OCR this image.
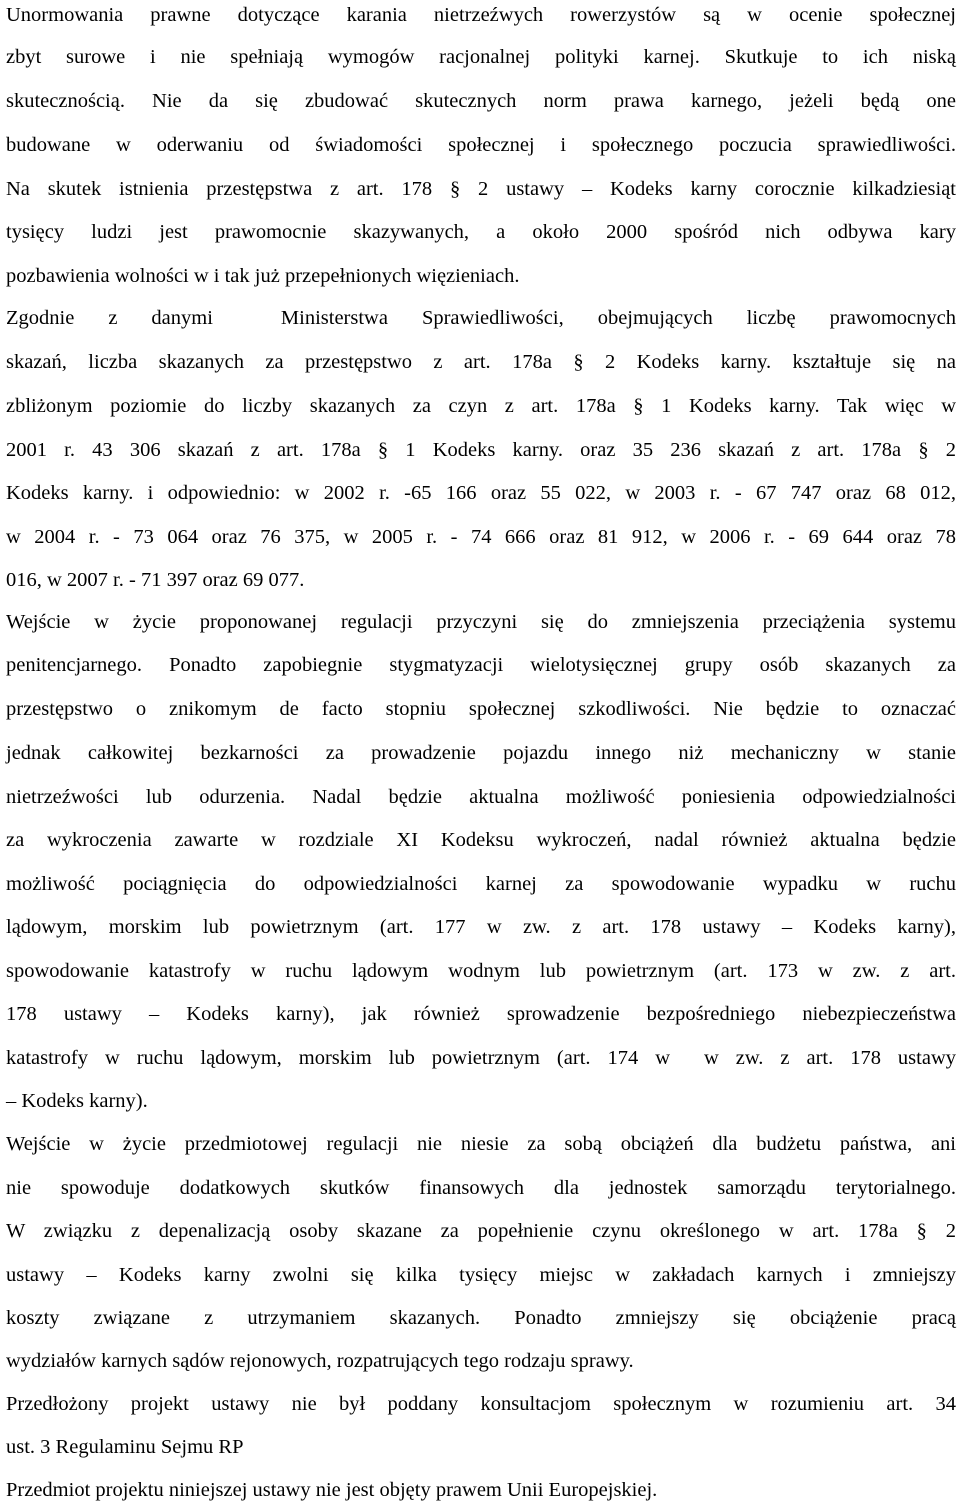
Unormowania prawne dotyczące karania nietrzeźwych rowerzystów są w ocenie społecznej
zbyt surowe i nie spełniają wymogów racjonalnej polityki karnej. Skutkuje to ich niską
skutecznością. Nie da się zbudować skutecznych norm prawa karnego, jeżeli będą one
budowane w oderwaniu od świadomości społecznej i społecznego poczucia sprawiedliwości.
Na skutek istnienia przestępstwa z art. 178 § 2 ustawy – Kodeks karny corocznie kilkadziesiąt
tysięcy ludzi jest prawomocnie skazywanych, a około 2000 spośród nich odbywa kary
pozbawienia wolności w i tak już przepełnionych więzieniach.
Zgodnie z danymi  Ministerstwa Sprawiedliwości, obejmujących liczbę prawomocnych
skazań, liczba skazanych za przestępstwo z art. 178a § 2 Kodeks karny. kształtuje się na
zbliżonym poziomie do liczby skazanych za czyn z art. 178a § 1 Kodeks karny. Tak więc w
2001 r. 43 306 skazań z art. 178a § 1 Kodeks karny. oraz 35 236 skazań z art. 178a § 2
Kodeks karny. i odpowiednio: w 2002 r. -65 166 oraz 55 022, w 2003 r. - 67 747 oraz 68 012,
w 2004 r. - 73 064 oraz 76 375, w 2005 r. - 74 666 oraz 81 912, w 2006 r. - 69 644 oraz 78
016, w 2007 r. - 71 397 oraz 69 077.
Wejście w życie proponowanej regulacji przyczyni się do zmniejszenia przeciążenia systemu
penitencjarnego. Ponadto zapobiegnie stygmatyzacji wielotysięcznej grupy osób skazanych za
przestępstwo o znikomym de facto stopniu społecznej szkodliwości. Nie będzie to oznaczać
jednak całkowitej bezkarności za prowadzenie pojazdu innego niż mechaniczny w stanie
nietrzeźwości lub odurzenia. Nadal będzie aktualna możliwość poniesienia odpowiedzialności
za wykroczenia zawarte w rozdziale XI Kodeksu wykroczeń, nadal również aktualna będzie
możliwość pociągnięcia do odpowiedzialności karnej za spowodowanie wypadku w ruchu
lądowym, morskim lub powietrznym (art. 177 w zw. z art. 178 ustawy – Kodeks karny),
spowodowanie katastrofy w ruchu lądowym wodnym lub powietrznym (art. 173 w zw. z art.
178 ustawy – Kodeks karny), jak również sprowadzenie bezpośredniego niebezpieczeństwa
katastrofy w ruchu lądowym, morskim lub powietrznym (art. 174 w  w zw. z art. 178 ustawy
– Kodeks karny).
Wejście w życie przedmiotowej regulacji nie niesie za sobą obciążeń dla budżetu państwa, ani
nie spowoduje dodatkowych skutków finansowych dla jednostek samorządu terytorialnego.
W związku z depenalizacją osoby skazane za popełnienie czynu określonego w art. 178a § 2
ustawy – Kodeks karny zwolni się kilka tysięcy miejsc w zakładach karnych i zmniejszy
koszty związane z utrzymaniem skazanych. Ponadto zmniejszy się obciążenie pracą
wydziałów karnych sądów rejonowych, rozpatrujących tego rodzaju sprawy.
Przedłożony projekt ustawy nie był poddany konsultacjom społecznym w rozumieniu art. 34
ust. 3 Regulaminu Sejmu RP
Przedmiot projektu niniejszej ustawy nie jest objęty prawem Unii Europejskiej.
